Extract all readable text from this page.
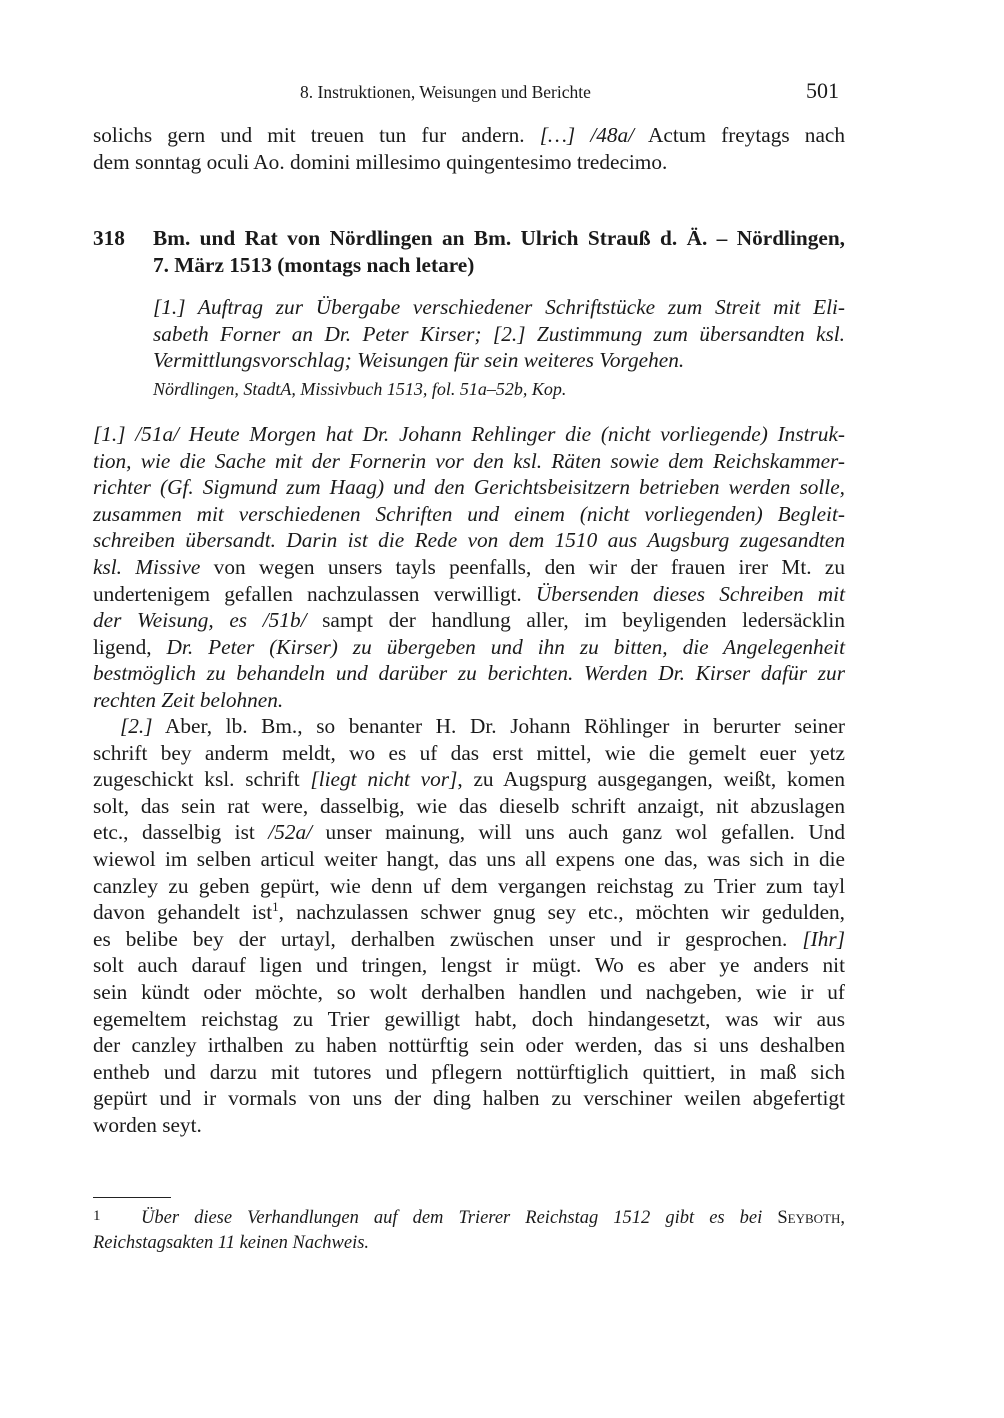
8. Instruktionen, Weisungen und Berichte	501
solichs gern und mit treuen tun fur andern. […] /48a/ Actum freytags nach
dem sonntag oculi Ao. domini millesimo quingentesimo tredecimo.
318 Bm. und Rat von Nördlingen an Bm. Ulrich Strauß d. Ä. – Nördlingen,
7. März 1513 (montags nach letare)
[1.] Auftrag zur Übergabe verschiedener Schriftstücke zum Streit mit Eli-
sabeth Forner an Dr. Peter Kirser; [2.] Zustimmung zum übersandten ksl.
Vermittlungsvorschlag; Weisungen für sein weiteres Vorgehen.
Nördlingen, StadtA, Missivbuch 1513, fol. 51a–52b, Kop.
[1.] /51a/ Heute Morgen hat Dr. Johann Rehlinger die (nicht vorliegende) Instruk-
tion, wie die Sache mit der Fornerin vor den ksl. Räten sowie dem Reichskammer-
richter (Gf. Sigmund zum Haag) und den Gerichtsbeisitzern betrieben werden solle,
zusammen mit verschiedenen Schriften und einem (nicht vorliegenden) Begleit-
schreiben übersandt. Darin ist die Rede von dem 1510 aus Augsburg zugesandten
ksl. Missive von wegen unsers tayls peenfalls, den wir der frauen irer Mt. zu
undertenigem gefallen nachzulassen verwilligt. Übersenden dieses Schreiben mit
der Weisung, es /51b/ sampt der handlung aller, im beyligenden ledersäcklin
ligend, Dr. Peter (Kirser) zu übergeben und ihn zu bitten, die Angelegenheit
bestmöglich zu behandeln und darüber zu berichten. Werden Dr. Kirser dafür zur
rechten Zeit belohnen.
[2.] Aber, lb. Bm., so benanter H. Dr. Johann Röhlinger in berurter seiner
schrift bey anderm meldt, wo es uf das erst mittel, wie die gemelt euer yetz
zugeschickt ksl. schrift [liegt nicht vor], zu Augspurg ausgegangen, weißt, komen
solt, das sein rat were, dasselbig, wie das dieselb schrift anzaigt, nit abzuslagen
etc., dasselbig ist /52a/ unser mainung, will uns auch ganz wol gefallen. Und
wiewol im selben articul weiter hangt, das uns all expens one das, was sich in die
canzley zu geben gepürt, wie denn uf dem vergangen reichstag zu Trier zum tayl
davon gehandelt ist$^1$, nachzulassen schwer gnug sey etc., möchten wir gedulden,
es belibe bey der urtayl, derhalben zwüschen unser und ir gesprochen. [Ihr]
solt auch darauf ligen und tringen, lengst ir mügt. Wo es aber ye anders nit
sein kündt oder möchte, so wolt derhalben handlen und nachgeben, wie ir uf
egemeltem reichstag zu Trier gewilligt habt, doch hindangesetzt, was wir aus
der canzley irthalben zu haben nottürftig sein oder werden, das si uns deshalben
entheb und darzu mit tutores und pflegern nottürftiglich quittiert, in maß sich
gepürt und ir vormals von uns der ding halben zu verschiner weilen abgefertigt
worden seyt.
1 Über diese Verhandlungen auf dem Trierer Reichstag 1512 gibt es bei Seyboth,
Reichstagsakten 11 keinen Nachweis.
